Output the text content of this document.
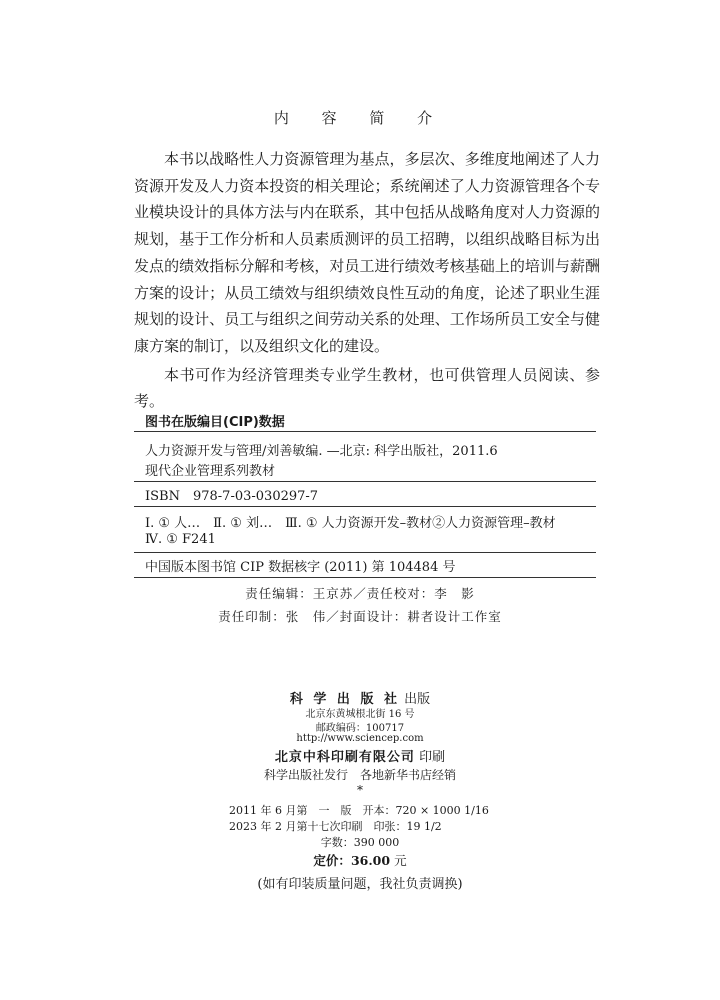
内 容 简 介

本书以战略性人力资源管理为基点，多层次、多维度地阐述了人力资源开发及人力资本投资的相关理论；系统阐述了人力资源管理各个专业模块设计的具体方法与内在联系，其中包括从战略角度对人力资源的规划，基于工作分析和人员素质测评的员工招聘，以组织战略目标为出发点的绩效指标分解和考核，对员工进行绩效考核基础上的培训与薪酬方案的设计；从员工绩效与组织绩效良性互动的角度，论述了职业生涯规划的设计、员工与组织之间劳动关系的处理、工作场所员工安全与健康方案的制订，以及组织文化的建设。

本书可作为经济管理类专业学生教材，也可供管理人员阅读、参考。

图书在版编目(CIP)数据
人力资源开发与管理/刘善敏编. —北京: 科学出版社，2011.6
现代企业管理系列教材
ISBN　978-7-03-030297-7
Ⅰ. ① 人…　Ⅱ. ① 刘…　Ⅲ. ① 人力资源开发–教材②人力资源管理–教材
Ⅳ. ① F241
中国版本图书馆 CIP 数据核字 (2011) 第 104484 号
责任编辑：王京苏／责任校对：李　影
责任印制：张　伟／封面设计：耕者设计工作室
科 学 出 版 社 出版
北京东黄城根北街 16 号
邮政编码：100717
http://www.sciencep.com
北京中科印刷有限公司 印刷
科学出版社发行　各地新华书店经销
*
2011 年 6 月第　一　版　开本：720 × 1000 1/16
2023 年 2 月第十七次印刷　印张：19 1/2
字数：390 000
定价：36.00 元
(如有印装质量问题，我社负责调换)
